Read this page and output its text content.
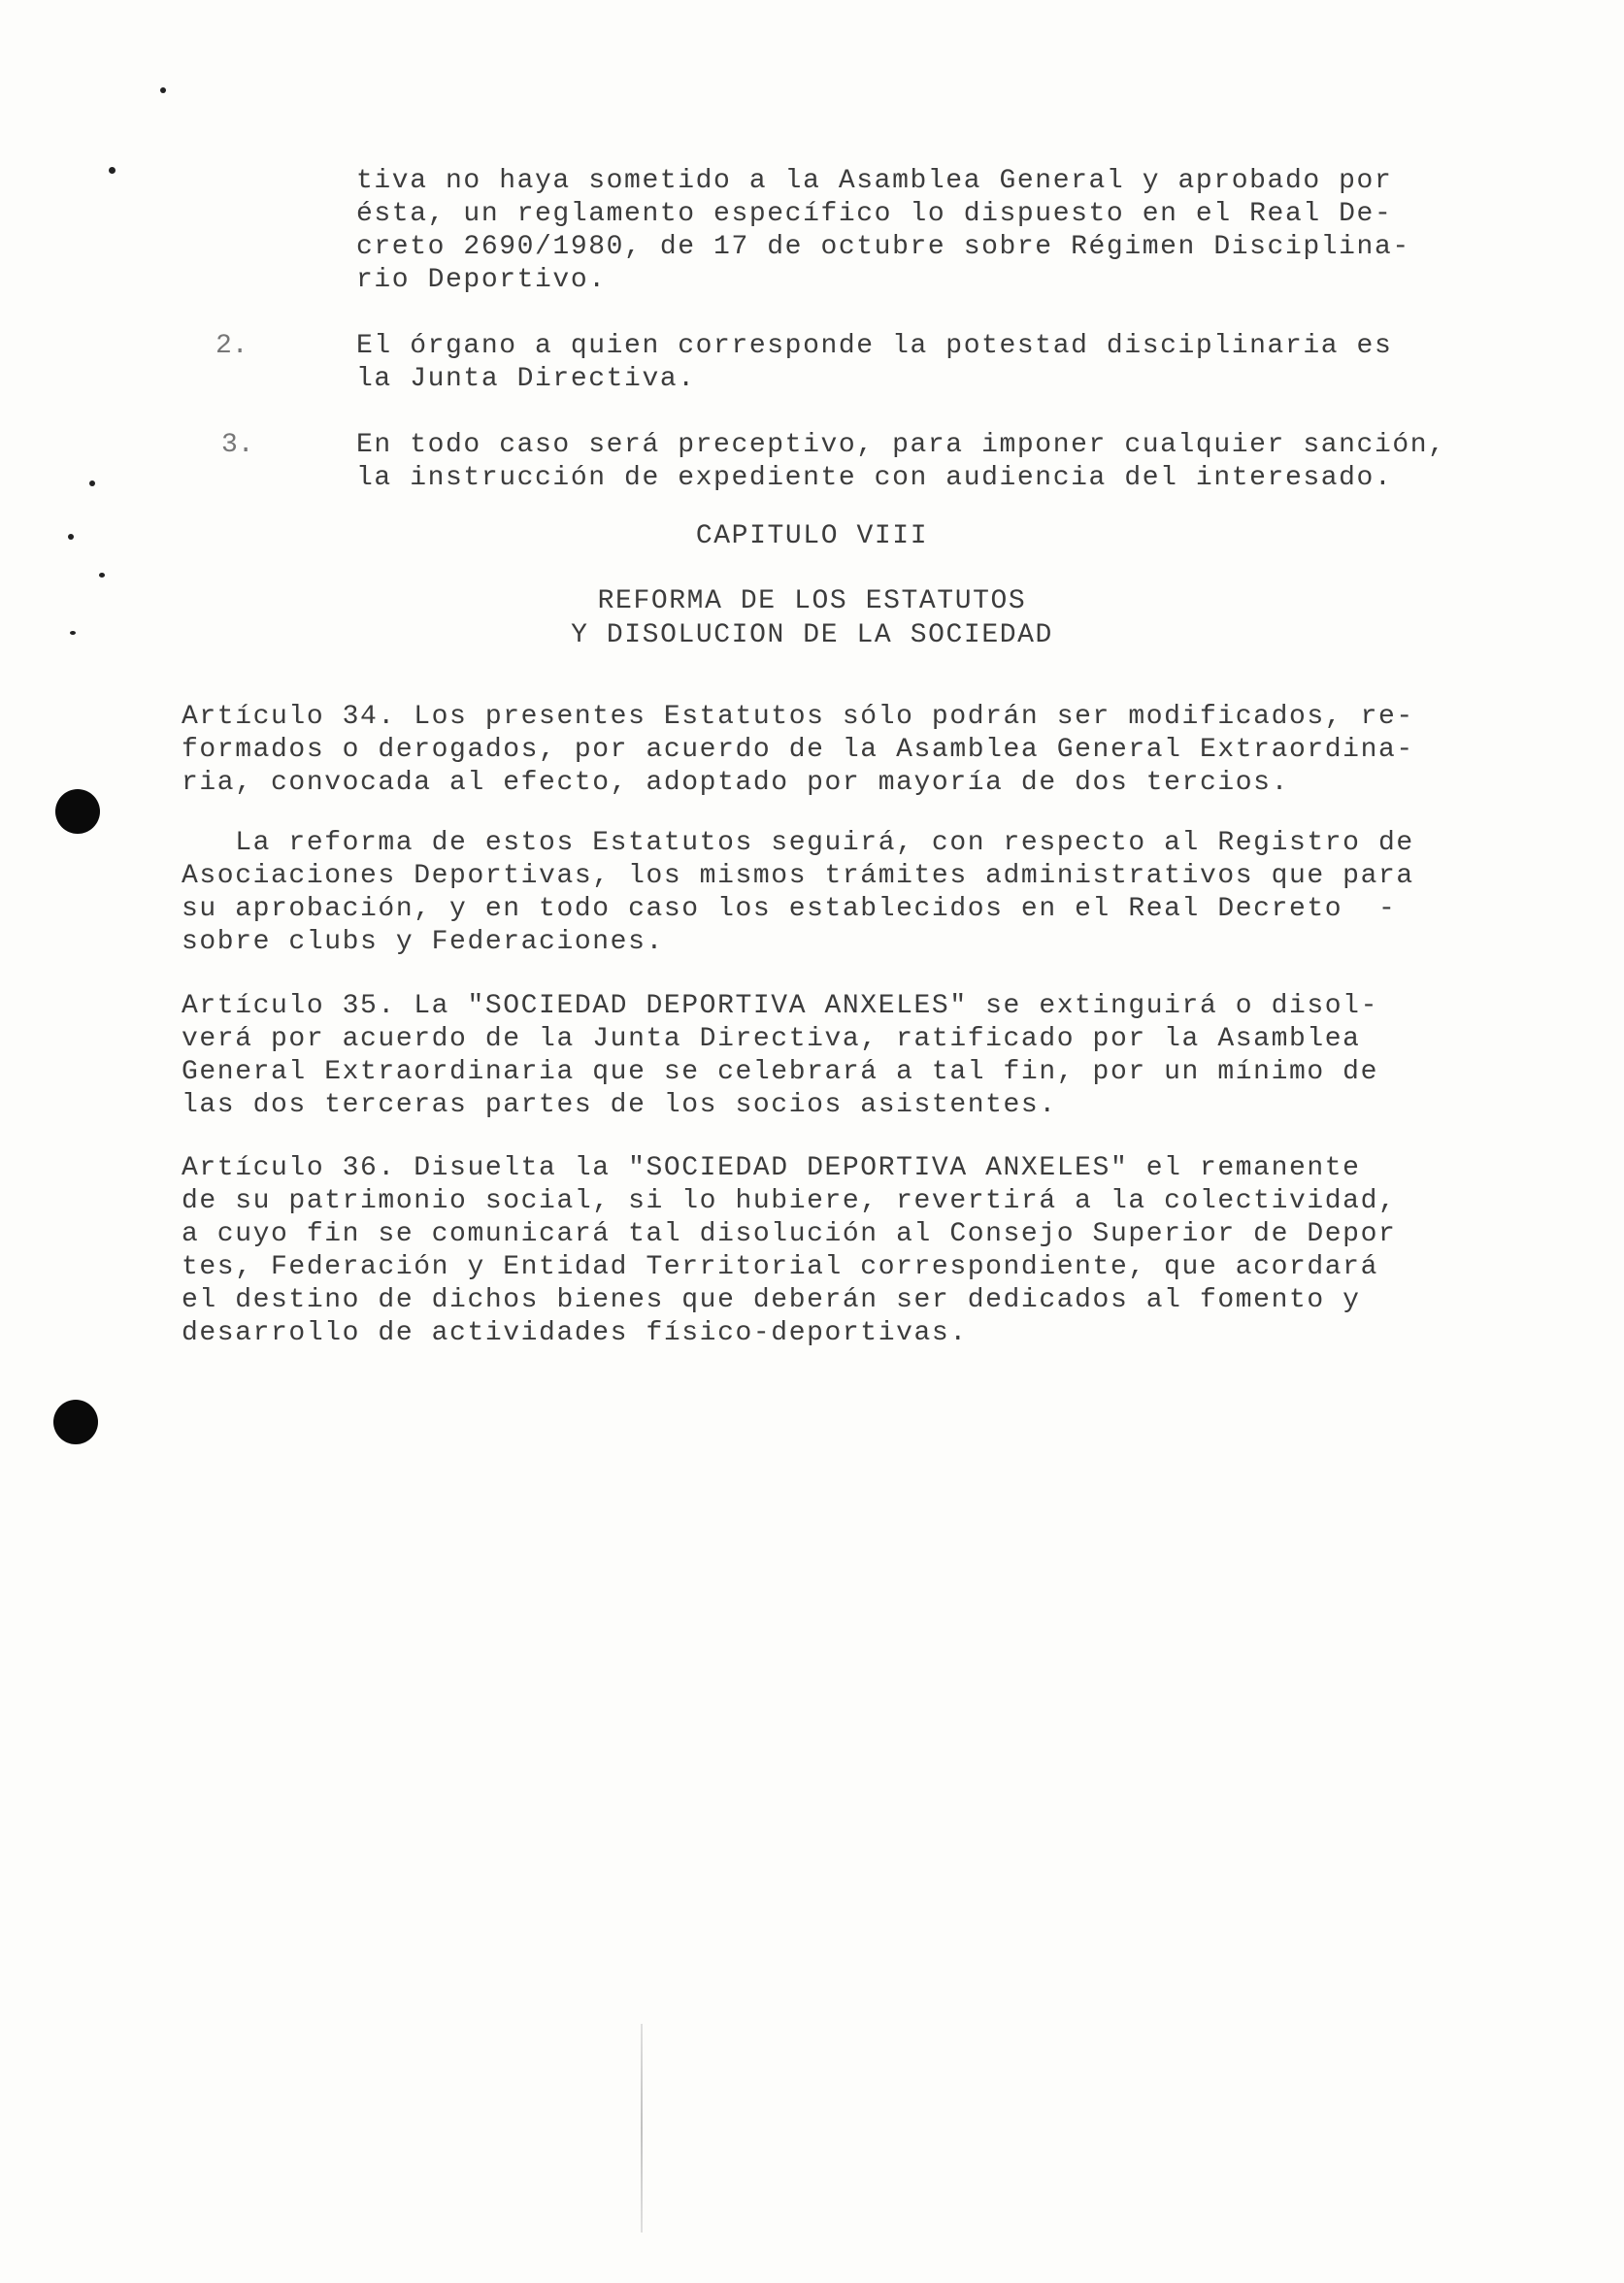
tiva no haya sometido a la Asamblea General y aprobado por
ésta, un reglamento específico lo dispuesto en el Real De-
creto 2690/1980, de 17 de octubre sobre Régimen Disciplina-
rio Deportivo.
2.	El órgano a quien corresponde la potestad disciplinaria es
la Junta Directiva.
3.	En todo caso será preceptivo, para imponer cualquier sanción,
la instrucción de expediente con audiencia del interesado.
CAPITULO VIII
REFORMA DE LOS ESTATUTOS
Y DISOLUCION DE LA SOCIEDAD
Artículo 34. Los presentes Estatutos sólo podrán ser modificados, re-
formados o derogados, por acuerdo de la Asamblea General Extraordina-
ria, convocada al efecto, adoptado por mayoría de dos tercios.
La reforma de estos Estatutos seguirá, con respecto al Registro de
Asociaciones Deportivas, los mismos trámites administrativos que para
su aprobación, y en todo caso los establecidos en el Real Decreto  -
sobre clubs y Federaciones.
Artículo 35. La "SOCIEDAD DEPORTIVA ANXELES" se extinguirá o disol-
verá por acuerdo de la Junta Directiva, ratificado por la Asamblea
General Extraordinaria que se celebrará a tal fin, por un mínimo de
las dos terceras partes de los socios asistentes.
Artículo 36. Disuelta la "SOCIEDAD DEPORTIVA ANXELES" el remanente
de su patrimonio social, si lo hubiere, revertirá a la colectividad,
a cuyo fin se comunicará tal disolución al Consejo Superior de Depor
tes, Federación y Entidad Territorial correspondiente, que acordará
el destino de dichos bienes que deberán ser dedicados al fomento y
desarrollo de actividades físico-deportivas.
